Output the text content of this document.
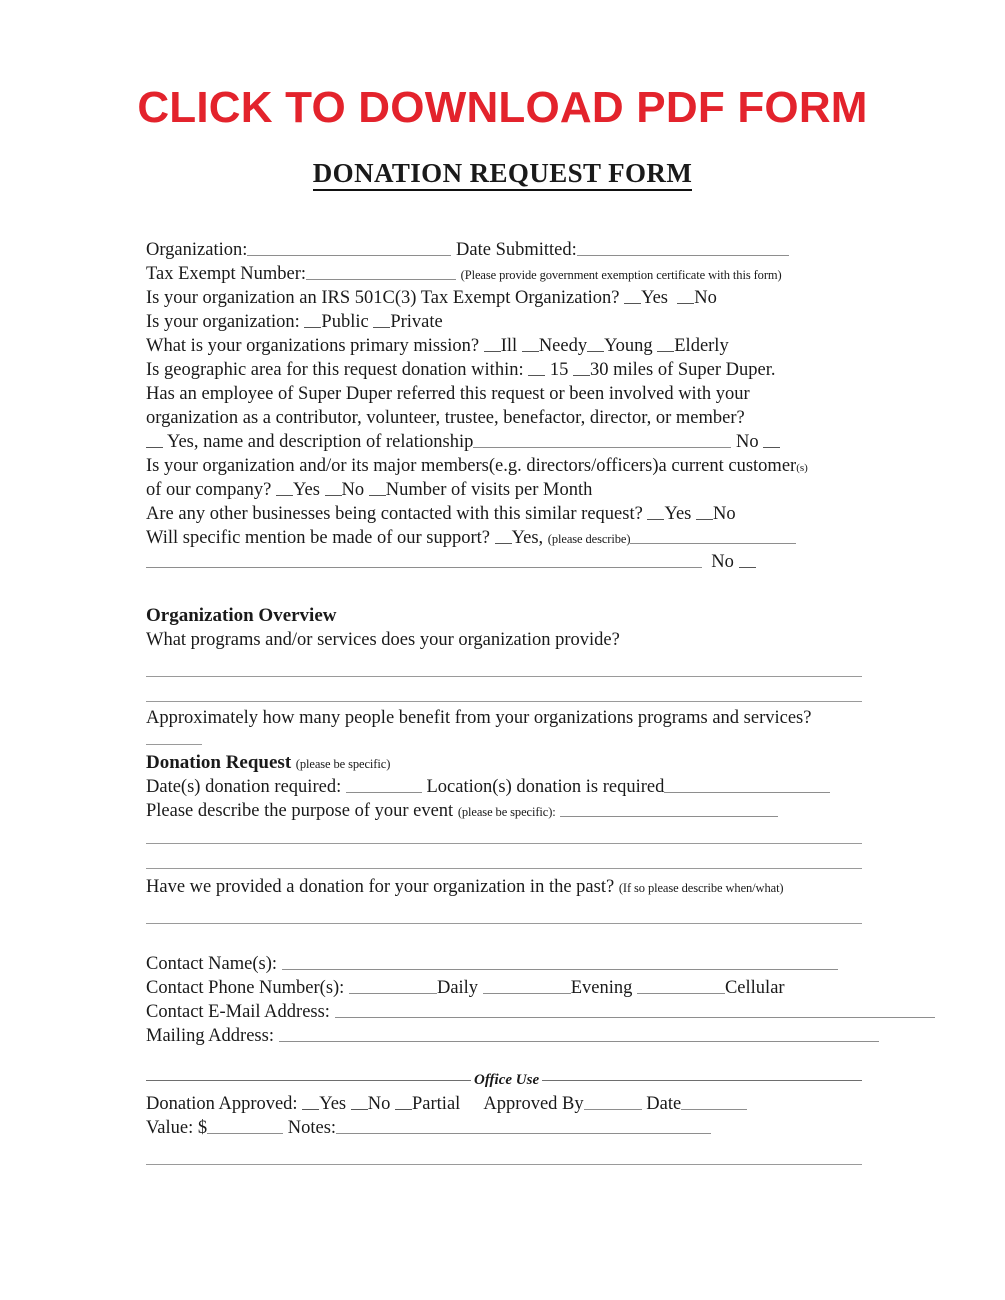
CLICK TO DOWNLOAD PDF FORM
DONATION REQUEST FORM
Organization:	Date Submitted:
Tax Exempt Number:	(Please provide government exemption certificate with this form)
Is your organization an IRS 501C(3) Tax Exempt Organization? Yes No
Is your organization: Public Private
What is your organizations primary mission? Ill Needy Young Elderly
Is geographic area for this request donation within: 15 30 miles of Super Duper.
Has an employee of Super Duper referred this request or been involved with your
organization as a contributor, volunteer, trustee, benefactor, director, or member?
Yes, name and description of relationship	No
Is your organization and/or its major members(e.g. directors/officers)a current customer(s)
of our company? Yes No Number of visits per Month
Are any other businesses being contacted with this similar request? Yes No
Will specific mention be made of our support? Yes, (please describe)
No
Organization Overview
What programs and/or services does your organization provide?
Approximately how many people benefit from your organizations programs and services?
Donation Request (please be specific)
Date(s) donation required:	Location(s) donation is required
Please describe the purpose of your event (please be specific):
Have we provided a donation for your organization in the past? (If so please describe when/what)
Contact Name(s):
Contact Phone Number(s):	Daily	Evening	Cellular
Contact E-Mail Address:
Mailing Address:
Office Use
Donation Approved: Yes No Partial Approved By	Date
Value: $	Notes:
